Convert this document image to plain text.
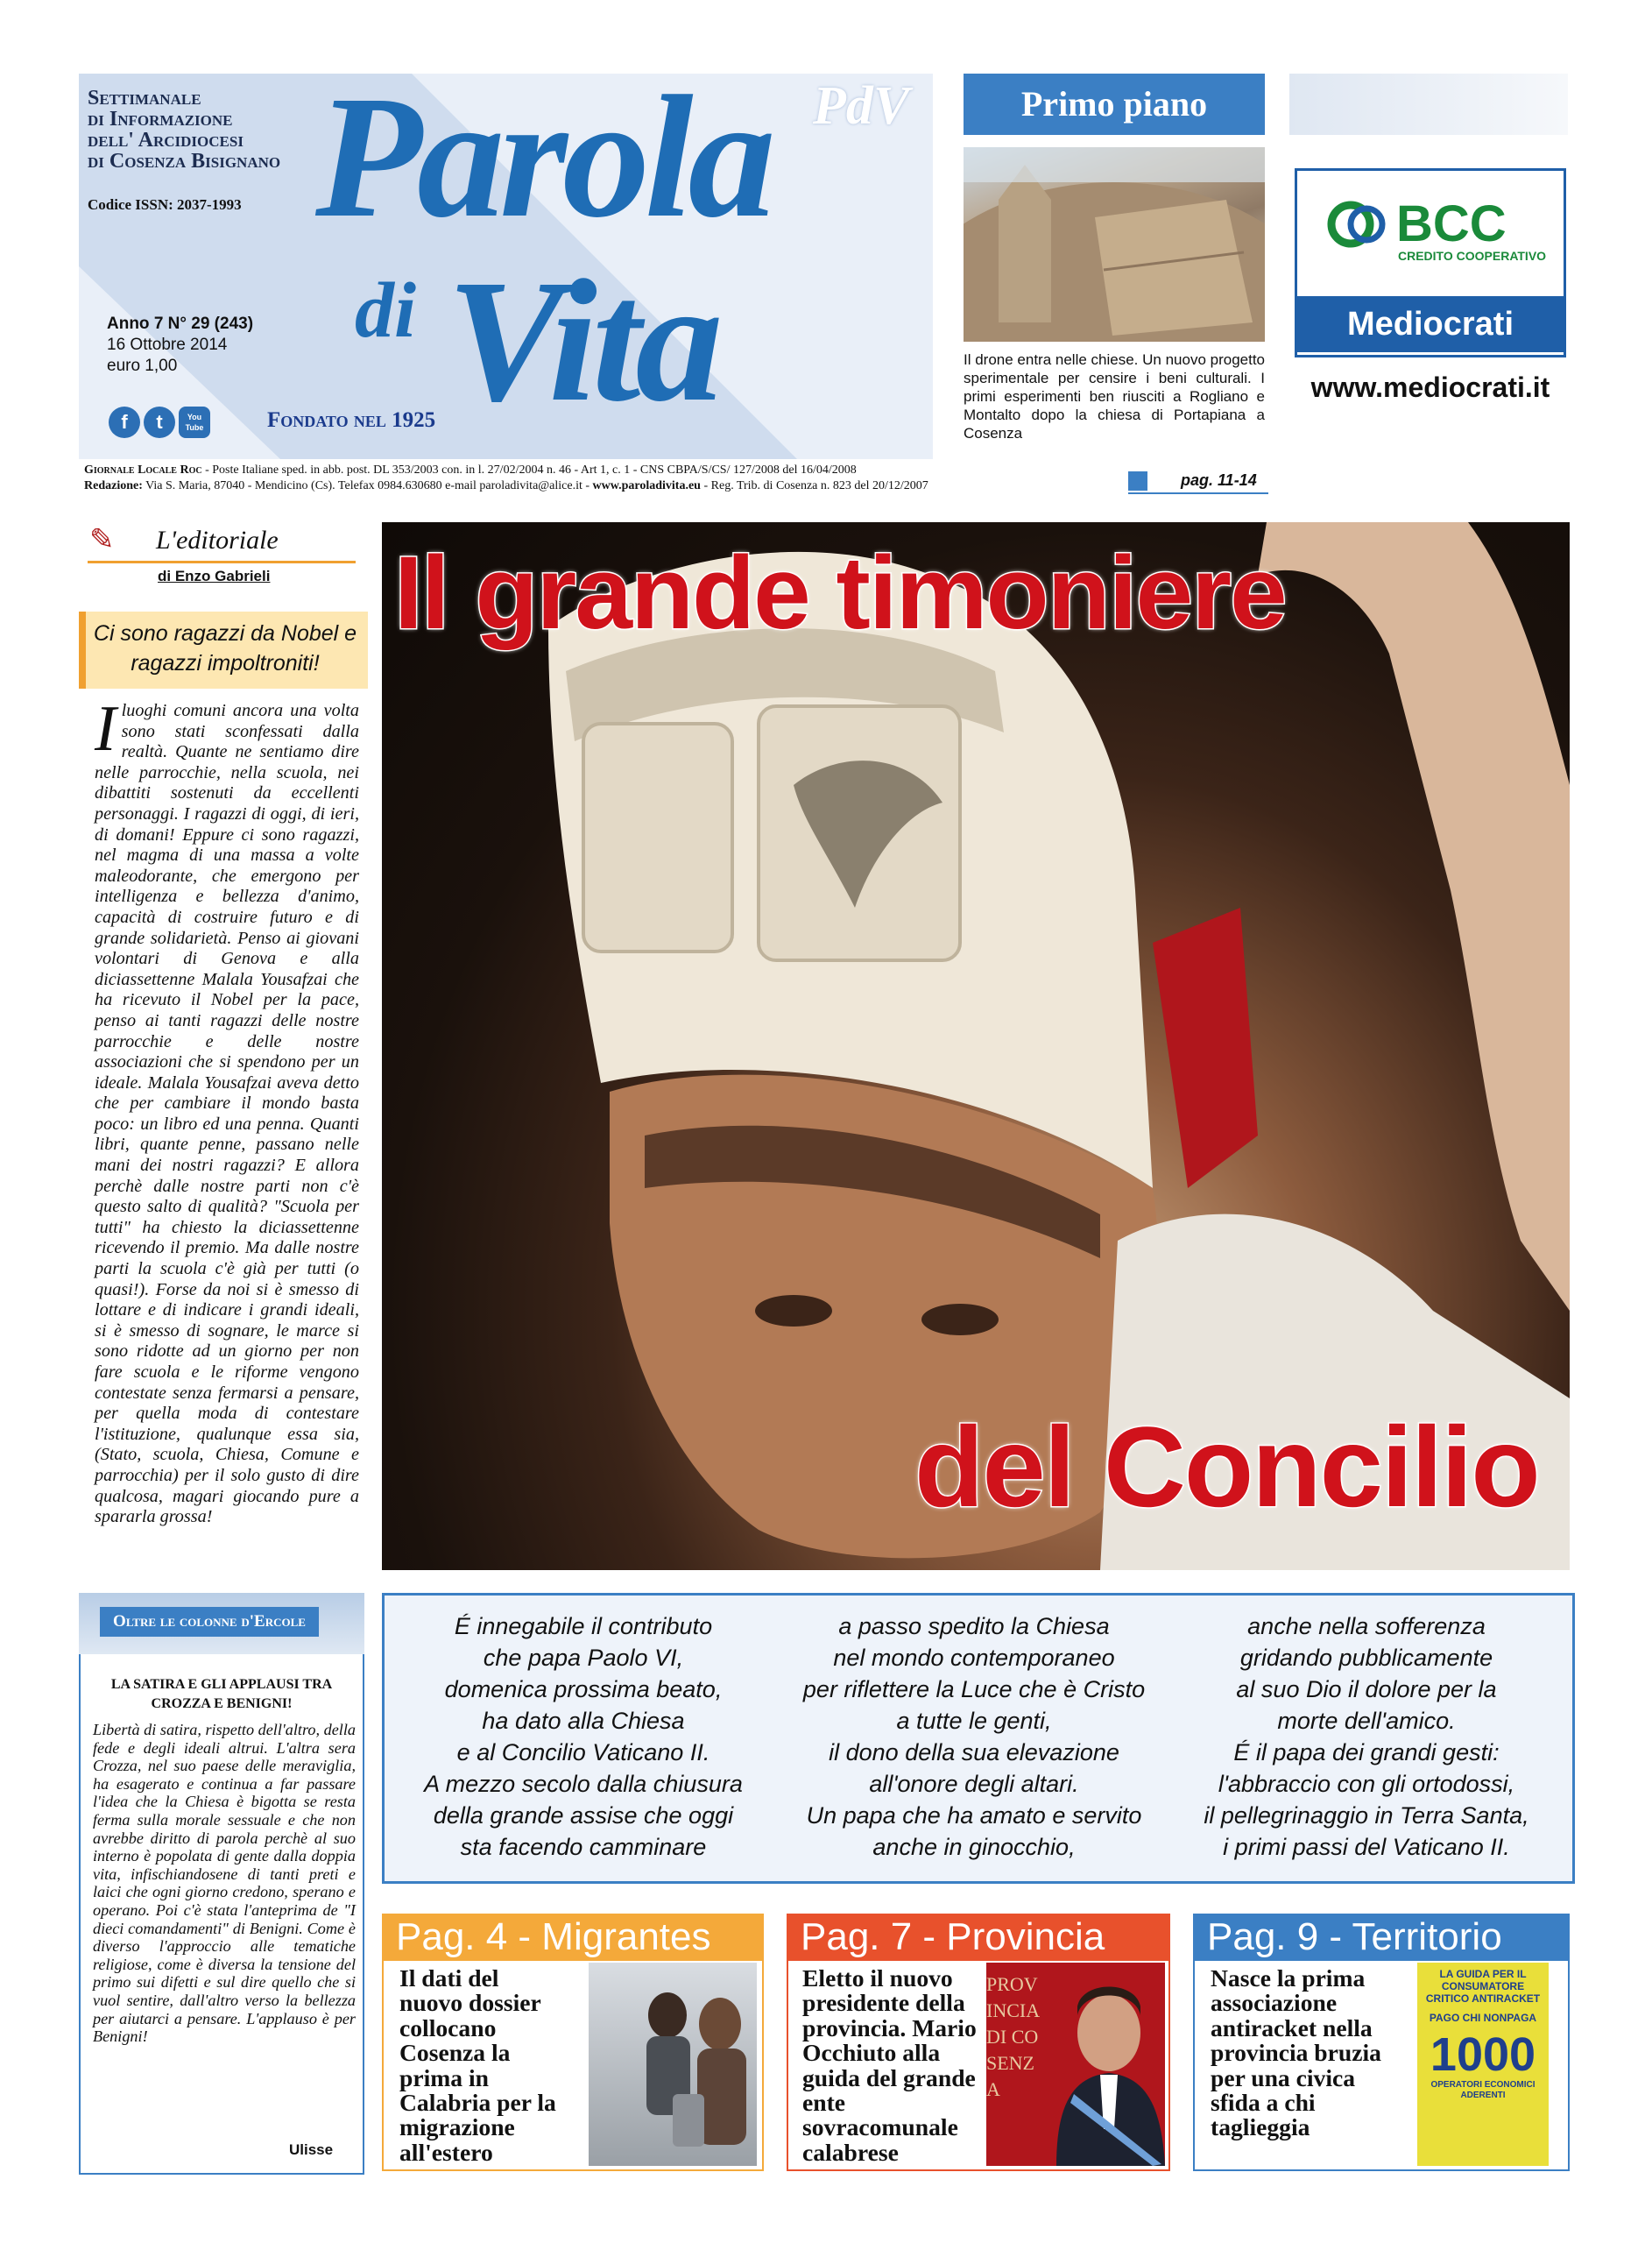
Settimanale
di Informazione
dell' Arcidiocesi
di Cosenza Bisignano
Codice ISSN: 2037-1993
Anno 7 N° 29 (243)
16 Ottobre 2014
euro 1,00
Parola
di Vita
PdV
f	t	You Tube	Fondato nel 1925
Giornale Locale Roc - Poste Italiane sped. in abb. post. DL 353/2003 con. in l. 27/02/2004 n. 46 - Art 1, c. 1 - CNS CBPA/S/CS/ 127/2008 del 16/04/2008
Redazione: Via S. Maria, 87040 - Mendicino (Cs). Telefax 0984.630680 e-mail paroladivita@alice.it - www.paroladivita.eu - Reg. Trib. di Cosenza n. 823 del 20/12/2007
Primo piano
Il drone entra nelle chiese. Un nuovo progetto sperimentale per censire i beni culturali. I primi esperimenti ben riusciti a Rogliano e Montalto dopo la chiesa di Portapiana a Cosenza
pag. 11-14
BCC
CREDITO COOPERATIVO
Mediocrati
www.mediocrati.it
✎ L'editoriale
di Enzo Gabrieli
Ci sono ragazzi da Nobel e ragazzi impoltroniti!
Iluoghi comuni ancora una volta sono stati sconfessati dalla realtà. Quante ne sentiamo dire nelle parrocchie, nella scuola, nei dibattiti sostenuti da eccellenti personaggi. I ragazzi di oggi, di ieri, di domani! Eppure ci sono ragazzi, nel magma di una massa a volte maleodorante, che emergono per intelligenza e bellezza d'animo, capacità di costruire futuro e di grande solidarietà. Penso ai giovani volontari di Genova e alla diciassettenne Malala Yousafzai che ha ricevuto il Nobel per la pace, penso ai tanti ragazzi delle nostre parrocchie e delle nostre associazioni che si spendono per un ideale. Malala Yousafzai aveva detto che per cambiare il mondo basta poco: un libro ed una penna. Quanti libri, quante penne, passano nelle mani dei nostri ragazzi? E allora perchè dalle nostre parti non c'è questo salto di qualità? "Scuola per tutti" ha chiesto la diciassettenne ricevendo il premio. Ma dalle nostre parti la scuola c'è già per tutti (o quasi!). Forse da noi si è smesso di lottare e di indicare i grandi ideali, si è smesso di sognare, le marce si sono ridotte ad un giorno per non fare scuola e le riforme vengono contestate senza fermarsi a pensare, per quella moda di contestare l'istituzione, qualunque essa sia, (Stato, scuola, Chiesa, Comune e parrocchia) per il solo gusto di dire qualcosa, magari giocando pure a spararla grossa!
Il grande timoniere
del Concilio
Oltre le colonne d'Ercole
LA SATIRA E GLI APPLAUSI TRA CROZZA E BENIGNI!
Libertà di satira, rispetto dell'altro, della fede e degli ideali altrui. L'altra sera Crozza, nel suo paese delle meraviglia, ha esagerato e continua a far passare l'idea che la Chiesa è bigotta se resta ferma sulla morale sessuale e che non avrebbe diritto di parola perchè al suo interno è popolata di gente dalla doppia vita, infischiandosene di tanti preti e laici che ogni giorno credono, sperano e operano. Poi c'è stata l'anteprima de "I dieci comandamenti" di Benigni. Come è diverso l'approccio alle tematiche religiose, come è diversa la tensione del primo sui difetti e sul dire quello che si vuol sentire, dall'altro verso la bellezza per aiutarci a pensare. L'applauso è per Benigni!
Ulisse
É innegabile il contributo
che papa Paolo VI,
domenica prossima beato,
ha dato alla Chiesa
e al Concilio Vaticano II.
A mezzo secolo dalla chiusura
della grande assise che oggi
sta facendo camminare
a passo spedito la Chiesa
nel mondo contemporaneo
per riflettere la Luce che è Cristo
a tutte le genti,
il dono della sua elevazione
all'onore degli altari.
Un papa che ha amato e servito
anche in ginocchio,
anche nella sofferenza
gridando pubblicamente
al suo Dio il dolore per la
morte dell'amico.
É il papa dei grandi gesti:
l'abbraccio con gli ortodossi,
il pellegrinaggio in Terra Santa,
i primi passi del Vaticano II.
Pag. 4 - Migrantes
Il dati del nuovo dossier collocano Cosenza la prima in Calabria per la migrazione all'estero
Pag. 7 - Provincia
Eletto il nuovo presidente della provincia. Mario Occhiuto alla guida del grande ente sovracomunale calabrese
PROVINCIA DI COSENZA
Pag. 9 - Territorio
Nasce la prima associazione antiracket nella provincia bruzia per una civica sfida a chi taglieggia
LA GUIDA PER IL CONSUMATORE CRITICO ANTIRACKET
PAGO CHI NONPAGA
1000
OPERATORI ECONOMICI ADERENTI
